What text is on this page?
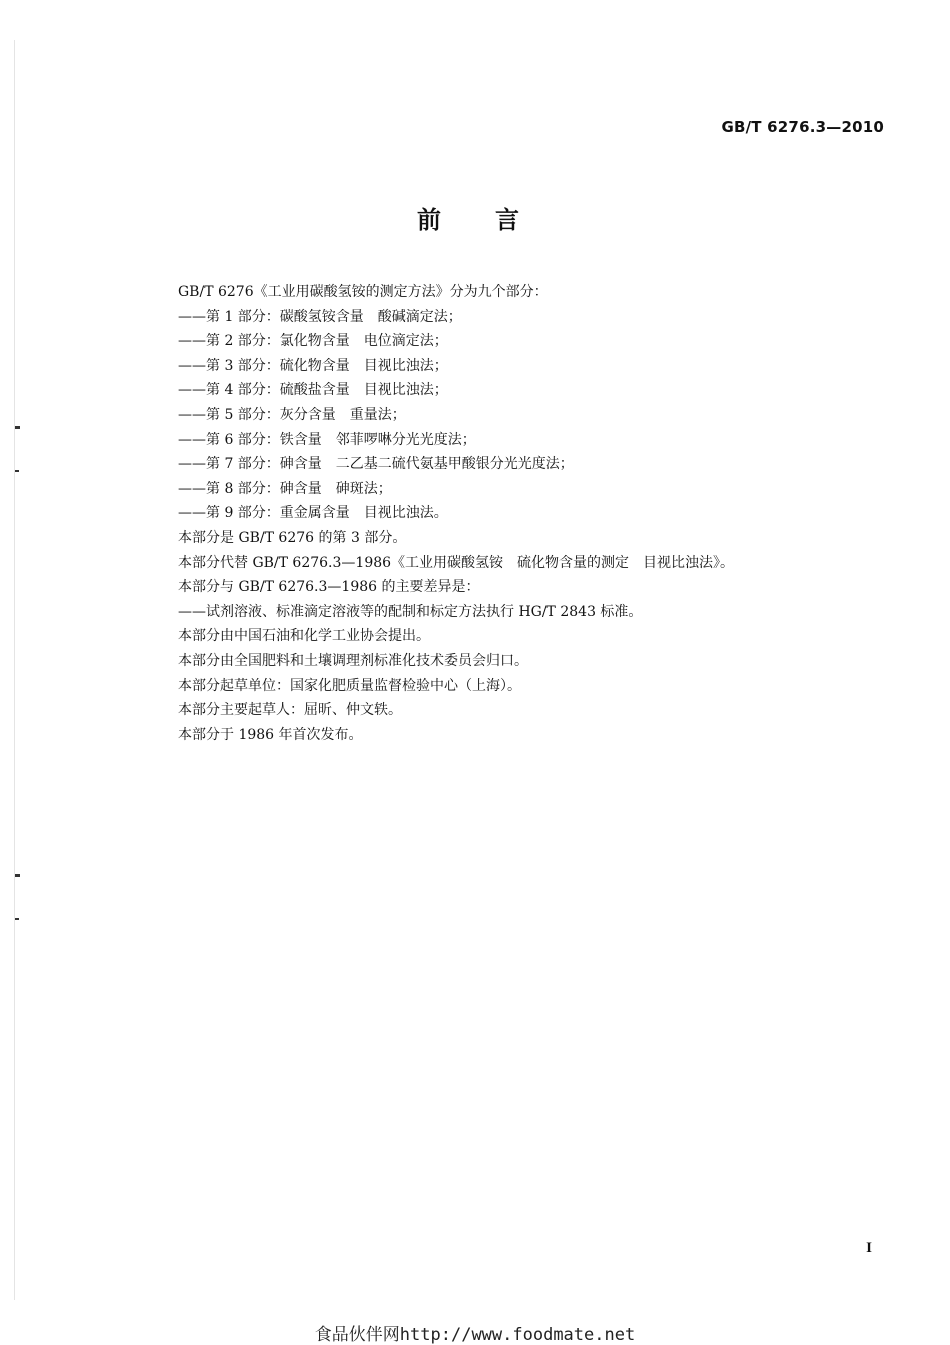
GB/T 6276.3—2010
前言
GB/T 6276《工业用碳酸氢铵的测定方法》分为九个部分：
——第 1 部分：碳酸氢铵含量　酸碱滴定法；
——第 2 部分：氯化物含量　电位滴定法；
——第 3 部分：硫化物含量　目视比浊法；
——第 4 部分：硫酸盐含量　目视比浊法；
——第 5 部分：灰分含量　重量法；
——第 6 部分：铁含量　邻菲啰啉分光光度法；
——第 7 部分：砷含量　二乙基二硫代氨基甲酸银分光光度法；
——第 8 部分：砷含量　砷斑法；
——第 9 部分：重金属含量　目视比浊法。
本部分是 GB/T 6276 的第 3 部分。
本部分代替 GB/T 6276.3—1986《工业用碳酸氢铵　硫化物含量的测定　目视比浊法》。
本部分与 GB/T 6276.3—1986 的主要差异是：
——试剂溶液、标准滴定溶液等的配制和标定方法执行 HG/T 2843 标准。
本部分由中国石油和化学工业协会提出。
本部分由全国肥料和土壤调理剂标准化技术委员会归口。
本部分起草单位：国家化肥质量监督检验中心（上海）。
本部分主要起草人：屈昕、仲文轶。
本部分于 1986 年首次发布。
I
食品伙伴网http://www.foodmate.net
